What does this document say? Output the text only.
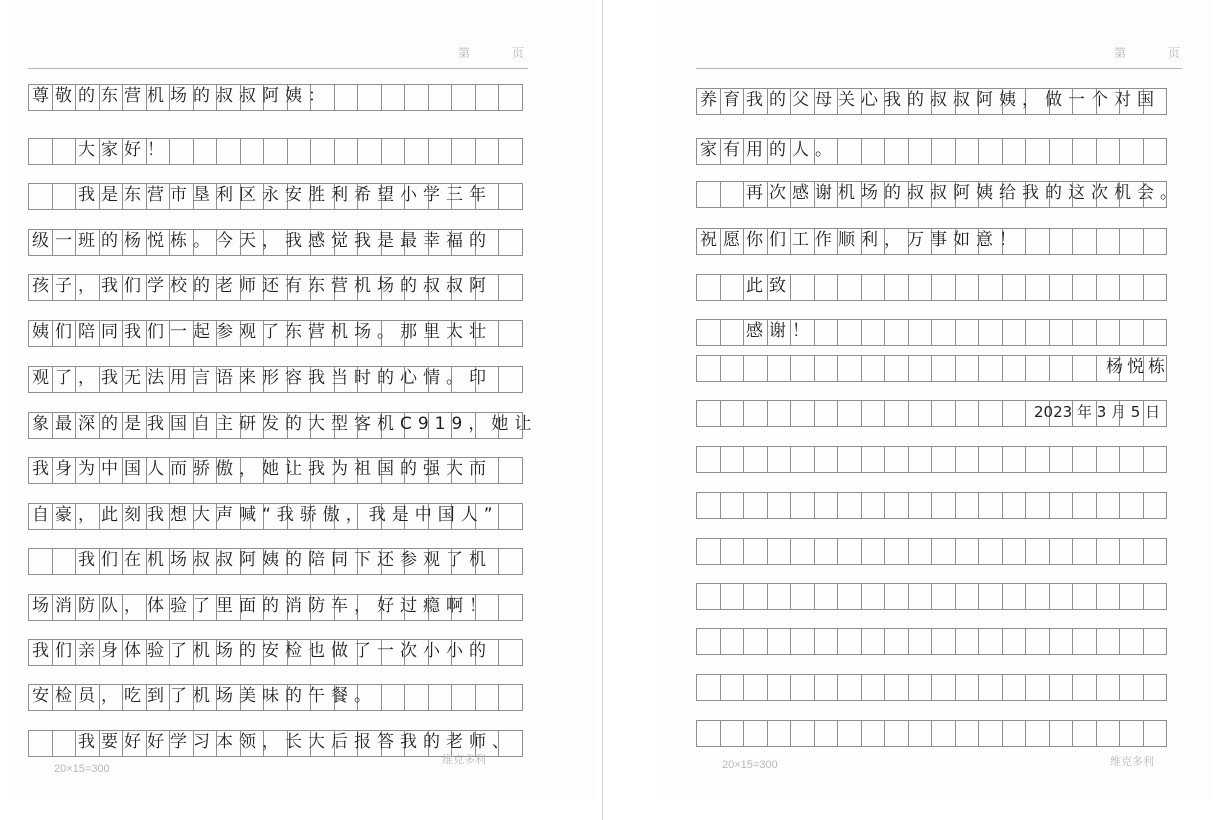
第	页
尊敬的东营机场的叔叔阿姨：
大家好！
我是东营市垦利区永安胜利希望小学三年
级一班的杨悦栋。今天，我感觉我是最幸福的
孩子，我们学校的老师还有东营机场的叔叔阿
姨们陪同我们一起参观了东营机场。那里太壮
观了，我无法用言语来形容我当时的心情。印
象最深的是我国自主研发的大型客机C919，她让
我身为中国人而骄傲，她让我为祖国的强大而
自豪，此刻我想大声喊“我骄傲，我是中国人”
我们在机场叔叔阿姨的陪同下还参观了机
场消防队，体验了里面的消防车，好过瘾啊！
我们亲身体验了机场的安检也做了一次小小的
安检员，吃到了机场美味的午餐。
我要好好学习本领，长大后报答我的老师、
20×15=300
维克多利
第	页
养育我的父母关心我的叔叔阿姨，做一个对国
家有用的人。
再次感谢机场的叔叔阿姨给我的这次机会。
祝愿你们工作顺利，万事如意！
此致
感谢！
杨悦栋
2023 年 3 月 5 日
20×15=300	维克多利
